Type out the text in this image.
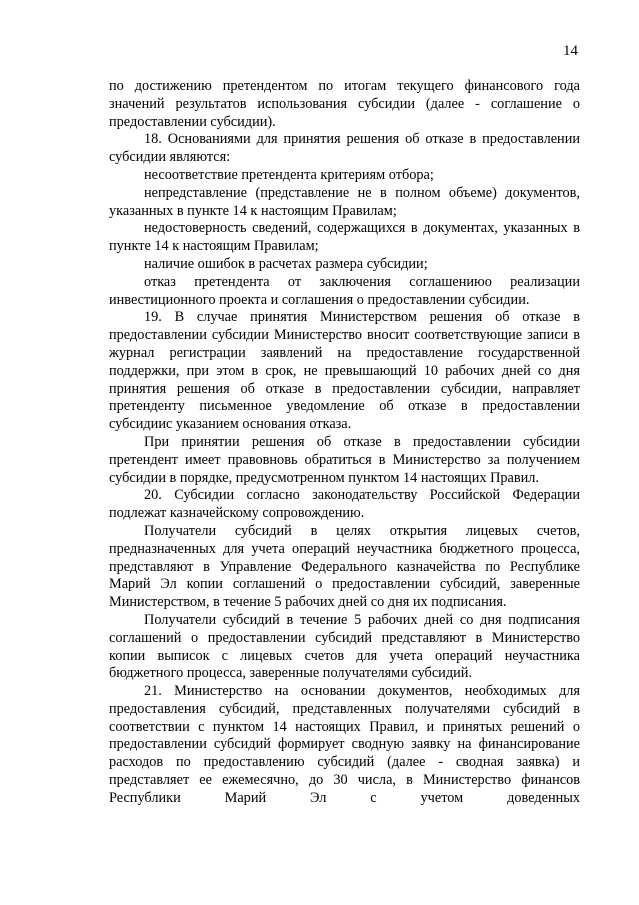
14

по достижению претендентом по итогам текущего финансового года значений результатов использования субсидии (далее - соглашение о предоставлении субсидии).

18. Основаниями для принятия решения об отказе в предоставлении субсидии являются:

несоответствие претендента критериям отбора;

непредставление (представление не в полном объеме) документов, указанных в пункте 14 к настоящим Правилам;

недостоверность сведений, содержащихся в документах, указанных в пункте 14 к настоящим Правилам;

наличие ошибок в расчетах размера субсидии;

отказ претендента от заключения соглашениюо реализации инвестиционного проекта и соглашения о предоставлении субсидии.

19. В случае принятия Министерством решения об отказе в предоставлении субсидии Министерство вносит соответствующие записи в журнал регистрации заявлений на предоставление государственной поддержки, при этом в срок, не превышающий 10 рабочих дней со дня принятия решения об отказе в предоставлении субсидии, направляет претенденту письменное уведомление об отказе в предоставлении субсидиис указанием основания отказа.

При принятии решения об отказе в предоставлении субсидии претендент имеет правовновь обратиться в Министерство за получением субсидии в порядке, предусмотренном пунктом 14 настоящих Правил.

20. Субсидии согласно законодательству Российской Федерации подлежат казначейскому сопровождению.

Получатели субсидий в целях открытия лицевых счетов, предназначенных для учета операций неучастника бюджетного процесса, представляют в Управление Федерального казначейства по Республике Марий Эл копии соглашений о предоставлении субсидий, заверенные Министерством, в течение 5 рабочих дней со дня их подписания.

Получатели субсидий в течение 5 рабочих дней со дня подписания соглашений о предоставлении субсидий представляют в Министерство копии выписок с лицевых счетов для учета операций неучастника бюджетного процесса, заверенные получателями субсидий.

21. Министерство на основании документов, необходимых для предоставления субсидий, представленных получателями субсидий в соответствии с пунктом 14 настоящих Правил, и принятых решений о предоставлении субсидий формирует сводную заявку на финансирование расходов по предоставлению субсидий (далее - сводная заявка) и представляет ее ежемесячно, до 30 числа, в Министерство финансов Республики Марий Эл с учетом доведенных
